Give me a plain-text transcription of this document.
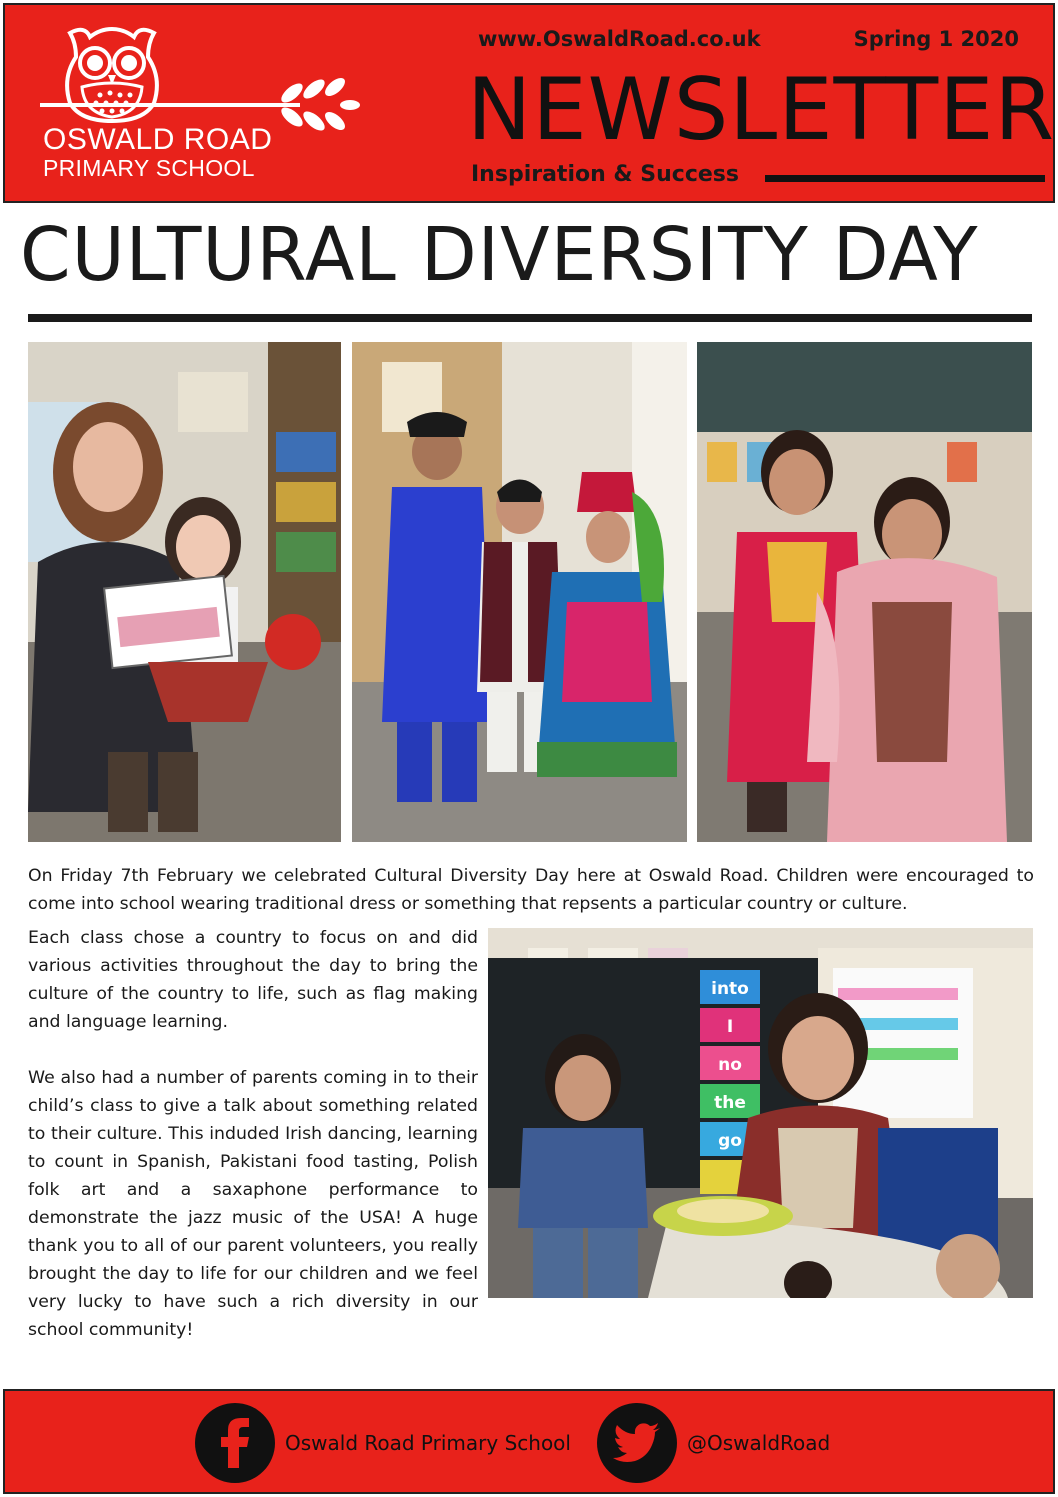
OSWALD ROAD
PRIMARY SCHOOL
www.OswaldRoad.co.uk	Spring 1 2020
NEWSLETTER
Inspiration & Success
CULTURAL DIVERSITY DAY
On Friday 7th February we celebrated Cultural Diversity Day here at Oswald Road. Children were encouraged to come into school wearing traditional dress or something that repsents a particular country or culture.

Each class chose a country to focus on and did various activities throughout the day to bring the culture of the country to life, such as flag making and language learning.

We also had a number of parents coming in to their child’s class to give a talk about something related to their culture. This induded Irish dancing, learning to count in Spanish, Pakistani food tasting, Polish folk art and a saxaphone performance to demonstrate the jazz music of the USA! A huge thank you to all of our parent volunteers, you really brought the day to life for our children and we feel very lucky to have such a rich diversity in our school community!

into
I
no
the
go
Oswald Road Primary School	@OswaldRoad
